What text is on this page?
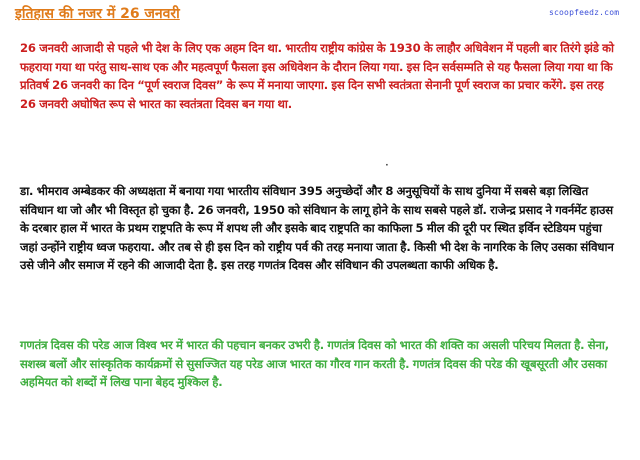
इतिहास की नजर में 26 जनवरी	scoopfeedz.com

26 जनवरी आजादी से पहले भी देश के लिए एक अहम दिन था. भारतीय राष्ट्रीय कांग्रेस के 1930 के लाहौर अधिवेशन में पहली बार तिरंगे झंडे को फहराया गया था परंतु साथ-साथ एक और महत्वपूर्ण फैसला इस अधिवेशन के दौरान लिया गया. इस दिन सर्वसम्मति से यह फैसला लिया गया था कि प्रतिवर्ष 26 जनवरी का दिन “पूर्ण स्वराज दिवस” के रूप में मनाया जाएगा. इस दिन सभी स्वतंत्रता सेनानी पूर्ण स्वराज का प्रचार करेंगे. इस तरह 26 जनवरी अघोषित रूप से भारत का स्वतंत्रता दिवस बन गया था.

·

डा. भीमराव अम्बेडकर की अध्यक्षता में बनाया गया भारतीय संविधान 395 अनुच्छेदों और 8 अनुसूचियों के साथ दुनिया में सबसे बड़ा लिखित संविधान था जो और भी विस्तृत हो चुका है. 26 जनवरी, 1950 को संविधान के लागू होने के साथ सबसे पहले डॉ. राजेन्द्र प्रसाद ने गवर्नमेंट हाउस के दरबार हाल में भारत के प्रथम राष्ट्रपति के रूप में शपथ ली और इसके बाद राष्ट्रपति का काफिला 5 मील की दूरी पर स्थित इर्विन स्टेडियम पहुंचा जहां उन्होंने राष्ट्रीय ध्वज फहराया. और तब से ही इस दिन को राष्ट्रीय पर्व की तरह मनाया जाता है. किसी भी देश के नागरिक के लिए उसका संविधान उसे जीने और समाज में रहने की आजादी देता है. इस तरह गणतंत्र दिवस और संविधान की उपलब्धता काफी अधिक है.

गणतंत्र दिवस की परेड आज विश्व भर में भारत की पहचान बनकर उभरी है. गणतंत्र दिवस को भारत की शक्ति का असली परिचय मिलता है. सेना, सशस्त्र बलों और सांस्कृतिक कार्यक्रमों से सुसज्जित यह परेड आज भारत का गौरव गान करती है. गणतंत्र दिवस की परेड की खूबसूरती और उसका अहमियत को शब्दों में लिख पाना बेहद मुश्किल है.
